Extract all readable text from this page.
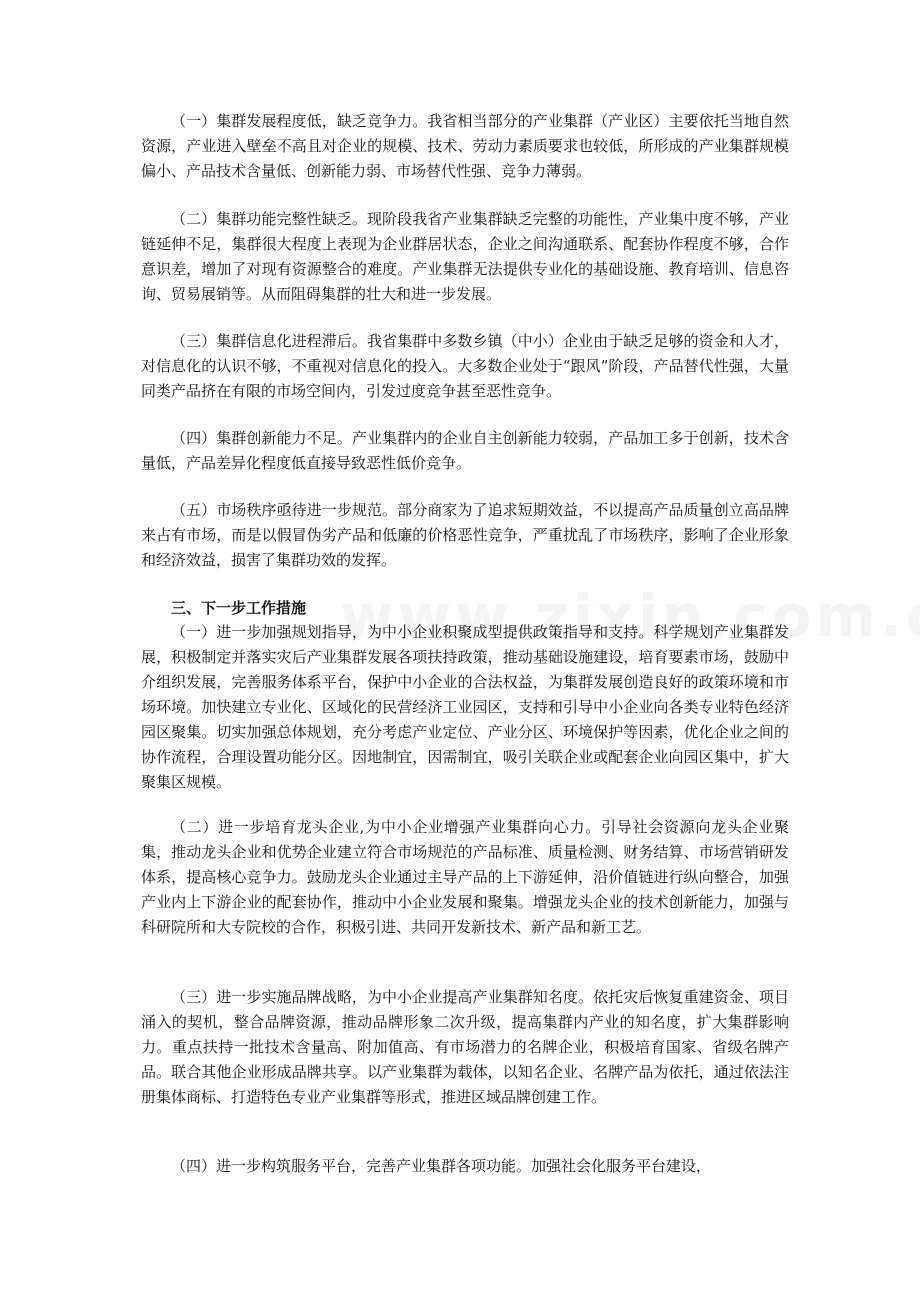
（一）集群发展程度低，缺乏竞争力。我省相当部分的产业集群（产业区）主要依托当地自然资源，产业进入壁垒不高且对企业的规模、技术、劳动力素质要求也较低，所形成的产业集群规模偏小、产品技术含量低、创新能力弱、市场替代性强、竞争力薄弱。

（二）集群功能完整性缺乏。现阶段我省产业集群缺乏完整的功能性，产业集中度不够，产业链延伸不足，集群很大程度上表现为企业群居状态，企业之间沟通联系、配套协作程度不够，合作意识差，增加了对现有资源整合的难度。产业集群无法提供专业化的基础设施、教育培训、信息咨询、贸易展销等。从而阻碍集群的壮大和进一步发展。

（三）集群信息化进程滞后。我省集群中多数乡镇（中小）企业由于缺乏足够的资金和人才，对信息化的认识不够，不重视对信息化的投入。大多数企业处于“跟风”阶段，产品替代性强，大量同类产品挤在有限的市场空间内，引发过度竞争甚至恶性竞争。

（四）集群创新能力不足。产业集群内的企业自主创新能力较弱，产品加工多于创新，技术含量低，产品差异化程度低直接导致恶性低价竞争。

（五）市场秩序亟待进一步规范。部分商家为了追求短期效益，不以提高产品质量创立高品牌来占有市场，而是以假冒伪劣产品和低廉的价格恶性竞争，严重扰乱了市场秩序，影响了企业形象和经济效益，损害了集群功效的发挥。

三、下一步工作措施

（一）进一步加强规划指导，为中小企业积聚成型提供政策指导和支持。科学规划产业集群发展，积极制定并落实灾后产业集群发展各项扶持政策，推动基础设施建设，培育要素市场，鼓励中介组织发展，完善服务体系平台，保护中小企业的合法权益，为集群发展创造良好的政策环境和市场环境。加快建立专业化、区域化的民营经济工业园区，支持和引导中小企业向各类专业特色经济园区聚集。切实加强总体规划，充分考虑产业定位、产业分区、环境保护等因素，优化企业之间的协作流程，合理设置功能分区。因地制宜，因需制宜，吸引关联企业或配套企业向园区集中，扩大聚集区规模。

（二）进一步培育龙头企业,为中小企业增强产业集群向心力。引导社会资源向龙头企业聚集，推动龙头企业和优势企业建立符合市场规范的产品标准、质量检测、财务结算、市场营销研发体系，提高核心竞争力。鼓励龙头企业通过主导产品的上下游延伸，沿价值链进行纵向整合，加强产业内上下游企业的配套协作，推动中小企业发展和聚集。增强龙头企业的技术创新能力，加强与科研院所和大专院校的合作，积极引进、共同开发新技术、新产品和新工艺。

（三）进一步实施品牌战略，为中小企业提高产业集群知名度。依托灾后恢复重建资金、项目涌入的契机，整合品牌资源，推动品牌形象二次升级，提高集群内产业的知名度，扩大集群影响力。重点扶持一批技术含量高、附加值高、有市场潜力的名牌企业，积极培育国家、省级名牌产品。联合其他企业形成品牌共享。以产业集群为载体，以知名企业、名牌产品为依托，通过依法注册集体商标、打造特色专业产业集群等形式，推进区域品牌创建工作。

（四）进一步构筑服务平台，完善产业集群各项功能。加强社会化服务平台建设，
